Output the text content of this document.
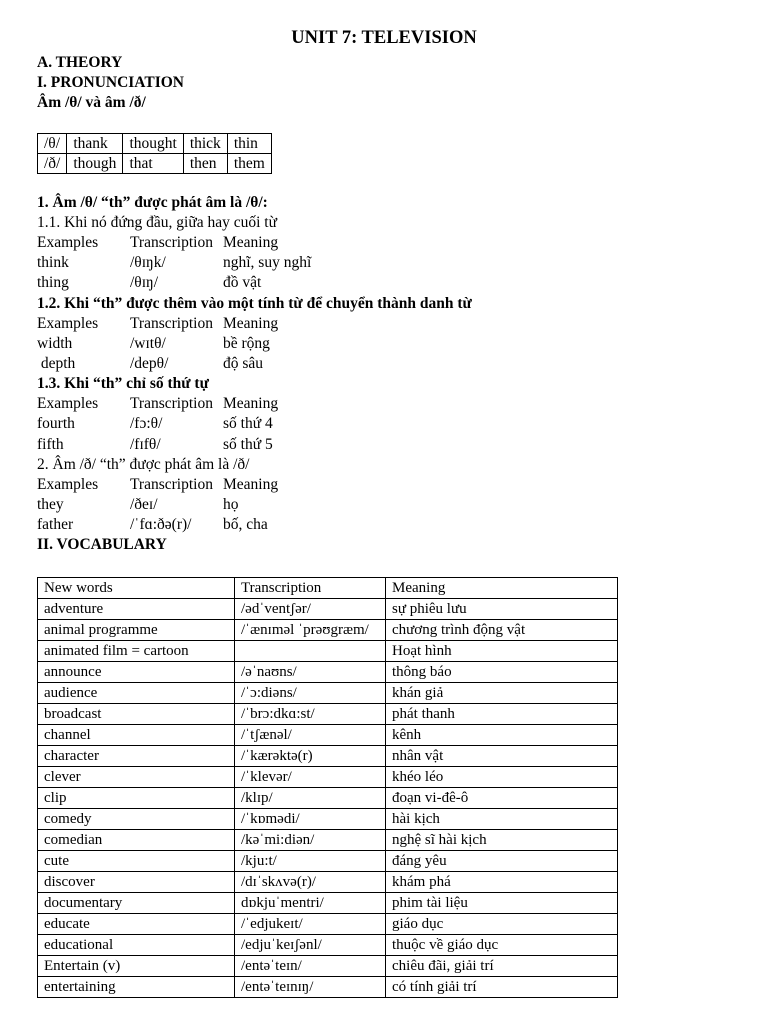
UNIT 7: TELEVISION
A. THEORY
I. PRONUNCIATION
Âm /θ/ và âm /ð/
/θ/	thank	thought	thick	thin
/ð/	though	that	then	them
1. Âm /θ/ “th” được phát âm là /θ/:
1.1. Khi nó đứng đầu, giữa hay cuối từ
Examples	Transcription Meaning
think	/θɪŋk/	nghĩ, suy nghĩ
thing	/θɪŋ/	đồ vật
1.2. Khi “th” được thêm vào một tính từ để chuyển thành danh từ
Examples	Transcription Meaning
width	/wɪtθ/	bề rộng
depth	/depθ/	độ sâu
1.3. Khi “th” chỉ số thứ tự
Examples	Transcription Meaning
fourth	/fɔ:θ/	số thứ 4
fifth	/fɪfθ/	số thứ 5
2. Âm /ð/ “th” được phát âm là /ð/
Examples	Transcription Meaning
they	/ðeɪ/	họ
father	/ˈfɑ:ðə(r)/	bố, cha
II. VOCABULARY
New words	Transcription	Meaning
adventure	/ədˈventʃər/	sự phiêu lưu
animal programme	/ˈænɪməl ˈprəʊgræm/	chương trình động vật
animated film = cartoon		Hoạt hình
announce	/əˈnaʊns/	thông báo
audience	/ˈɔ:diəns/	khán giả
broadcast	/ˈbrɔ:dkɑ:st/	phát thanh
channel	/ˈtʃænəl/	kênh
character	/ˈkærəktə(r)	nhân vật
clever	/ˈklevər/	khéo léo
clip	/klɪp/	đoạn vi-đê-ô
comedy	/ˈkɒmədi/	hài kịch
comedian	/kəˈmi:diən/	nghệ sĩ hài kịch
cute	/kju:t/	đáng yêu
discover	/dɪˈskʌvə(r)/	khám phá
documentary	dɒkjuˈmentri/	phim tài liệu
educate	/ˈedjukeɪt/	giáo dục
educational	/edjuˈkeɪʃənl/	thuộc về giáo dục
Entertain (v)	/entəˈteɪn/	chiêu đãi, giải trí
entertaining	/entəˈteɪnɪŋ/	có tính giải trí
